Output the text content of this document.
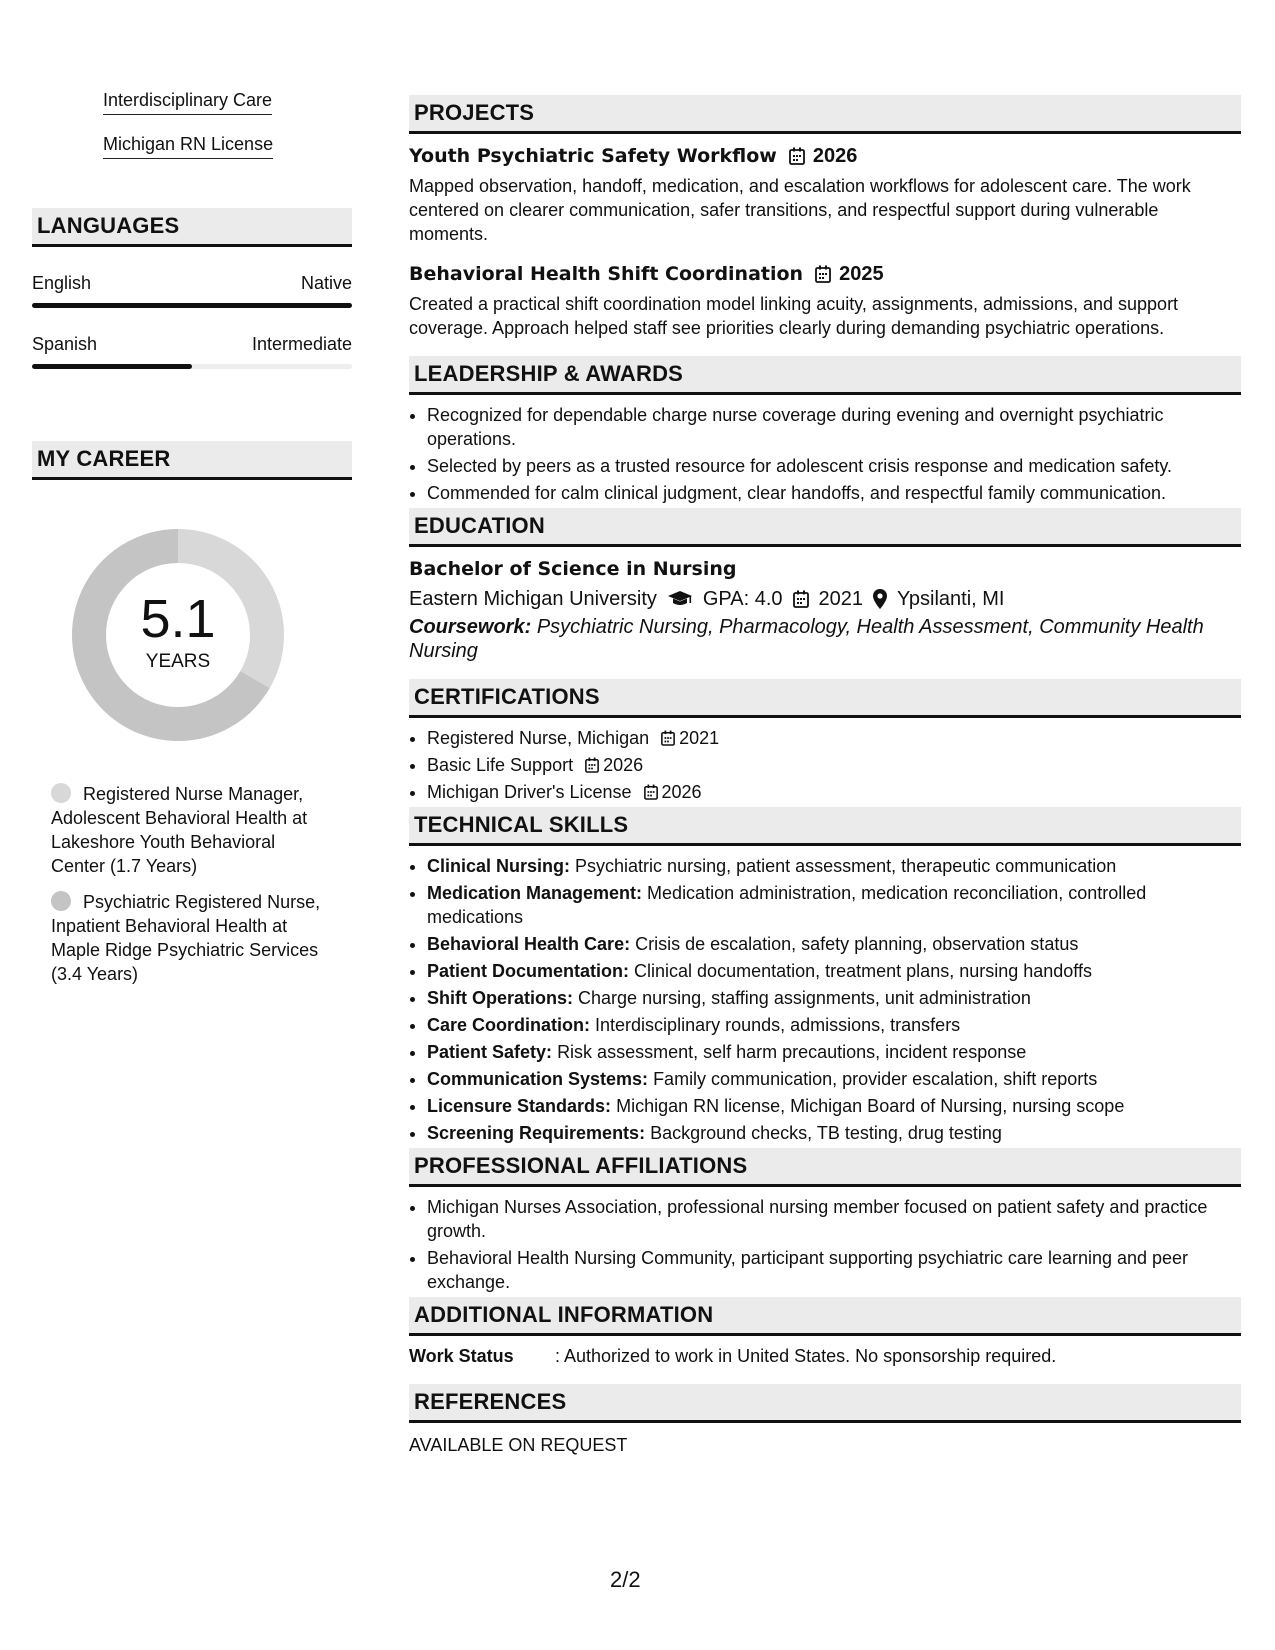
Interdisciplinary Care
Michigan RN License
LANGUAGES
English	Native
Spanish	Intermediate
MY CAREER
5.1
YEARS
Registered Nurse Manager, Adolescent Behavioral Health at Lakeshore Youth Behavioral Center (1.7 Years)
Psychiatric Registered Nurse, Inpatient Behavioral Health at Maple Ridge Psychiatric Services (3.4 Years)
PROJECTS
Youth Psychiatric Safety Workflow 2026
Mapped observation, handoff, medication, and escalation workflows for adolescent care. The work centered on clearer communication, safer transitions, and respectful support during vulnerable moments.
Behavioral Health Shift Coordination 2025
Created a practical shift coordination model linking acuity, assignments, admissions, and support coverage. Approach helped staff see priorities clearly during demanding psychiatric operations.
LEADERSHIP & AWARDS
• Recognized for dependable charge nurse coverage during evening and overnight psychiatric operations.
• Selected by peers as a trusted resource for adolescent crisis response and medication safety.
• Commended for calm clinical judgment, clear handoffs, and respectful family communication.
EDUCATION
Bachelor of Science in Nursing
Eastern Michigan University GPA: 4.0 2021 Ypsilanti, MI
Coursework: Psychiatric Nursing, Pharmacology, Health Assessment, Community Health Nursing
CERTIFICATIONS
• Registered Nurse, Michigan 2021
• Basic Life Support 2026
• Michigan Driver's License 2026
TECHNICAL SKILLS
• Clinical Nursing: Psychiatric nursing, patient assessment, therapeutic communication
• Medication Management: Medication administration, medication reconciliation, controlled medications
• Behavioral Health Care: Crisis de escalation, safety planning, observation status
• Patient Documentation: Clinical documentation, treatment plans, nursing handoffs
• Shift Operations: Charge nursing, staffing assignments, unit administration
• Care Coordination: Interdisciplinary rounds, admissions, transfers
• Patient Safety: Risk assessment, self harm precautions, incident response
• Communication Systems: Family communication, provider escalation, shift reports
• Licensure Standards: Michigan RN license, Michigan Board of Nursing, nursing scope
• Screening Requirements: Background checks, TB testing, drug testing
PROFESSIONAL AFFILIATIONS
• Michigan Nurses Association, professional nursing member focused on patient safety and practice growth.
• Behavioral Health Nursing Community, participant supporting psychiatric care learning and peer exchange.
ADDITIONAL INFORMATION
Work Status	: Authorized to work in United States. No sponsorship required.
REFERENCES
AVAILABLE ON REQUEST
2/2
